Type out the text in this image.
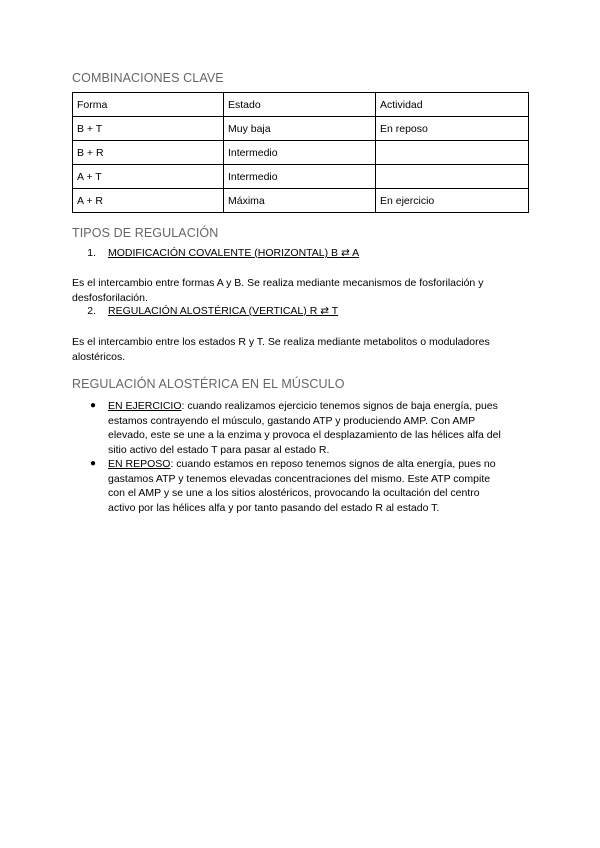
COMBINACIONES CLAVE
Forma	Estado	Actividad
B + T	Muy baja	En reposo
B + R	Intermedio	
A + T	Intermedio	
A + R	Máxima	En ejercicio
TIPOS DE REGULACIÓN
1. MODIFICACIÓN COVALENTE (HORIZONTAL) B ⇄ A
Es el intercambio entre formas A y B. Se realiza mediante mecanismos de fosforilación y desfosforilación.
2. REGULACIÓN ALOSTÉRICA (VERTICAL) R ⇄ T
Es el intercambio entre los estados R y T. Se realiza mediante metabolitos o moduladores alostéricos.
REGULACIÓN ALOSTÉRICA EN EL MÚSCULO
● EN EJERCICIO: cuando realizamos ejercicio tenemos signos de baja energía, pues estamos contrayendo el músculo, gastando ATP y produciendo AMP. Con AMP elevado, este se une a la enzima y provoca el desplazamiento de las hélices alfa del sitio activo del estado T para pasar al estado R.
● EN REPOSO: cuando estamos en reposo tenemos signos de alta energía, pues no gastamos ATP y tenemos elevadas concentraciones del mismo. Este ATP compite con el AMP y se une a los sitios alostéricos, provocando la ocultación del centro activo por las hélices alfa y por tanto pasando del estado R al estado T.
